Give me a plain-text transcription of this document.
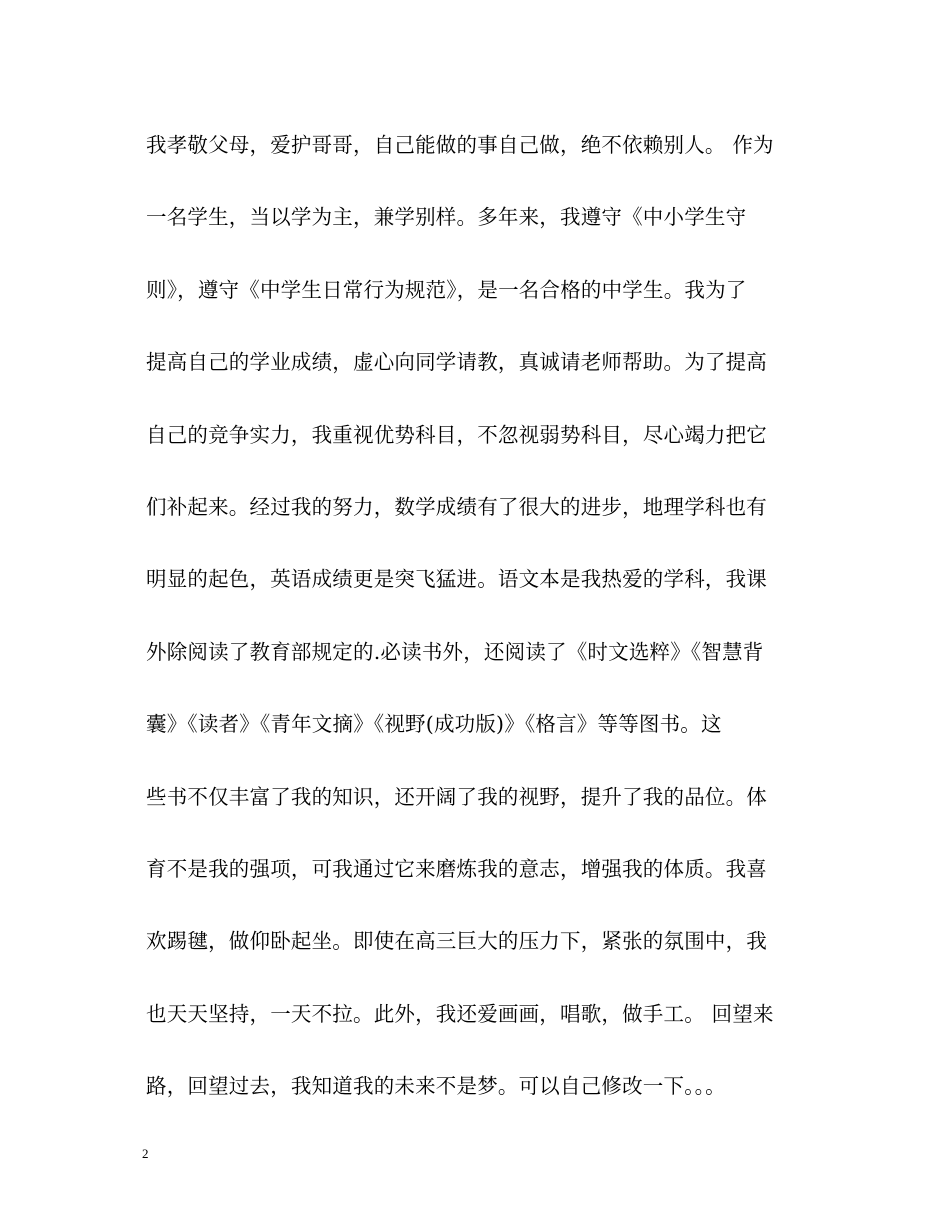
我孝敬父母，爱护哥哥，自己能做的事自己做，绝不依赖别人。 作为
一名学生，当以学为主，兼学别样。多年来，我遵守《中小学生守
则》，遵守《中学生日常行为规范》，是一名合格的中学生。我为了
提高自己的学业成绩，虚心向同学请教，真诚请老师帮助。为了提高
自己的竞争实力，我重视优势科目，不忽视弱势科目，尽心竭力把它
们补起来。经过我的努力，数学成绩有了很大的进步，地理学科也有
明显的起色，英语成绩更是突飞猛进。语文本是我热爱的学科，我课
外除阅读了教育部规定的.必读书外，还阅读了《时文选粹》《智慧背
囊》《读者》《青年文摘》《视野(成功版)》《格言》等等图书。这
些书不仅丰富了我的知识，还开阔了我的视野，提升了我的品位。体
育不是我的强项，可我通过它来磨炼我的意志，增强我的体质。我喜
欢踢毽，做仰卧起坐。即使在高三巨大的压力下，紧张的氛围中，我
也天天坚持，一天不拉。此外，我还爱画画，唱歌，做手工。 回望来
路，回望过去，我知道我的未来不是梦。可以自己修改一下。。。
2
